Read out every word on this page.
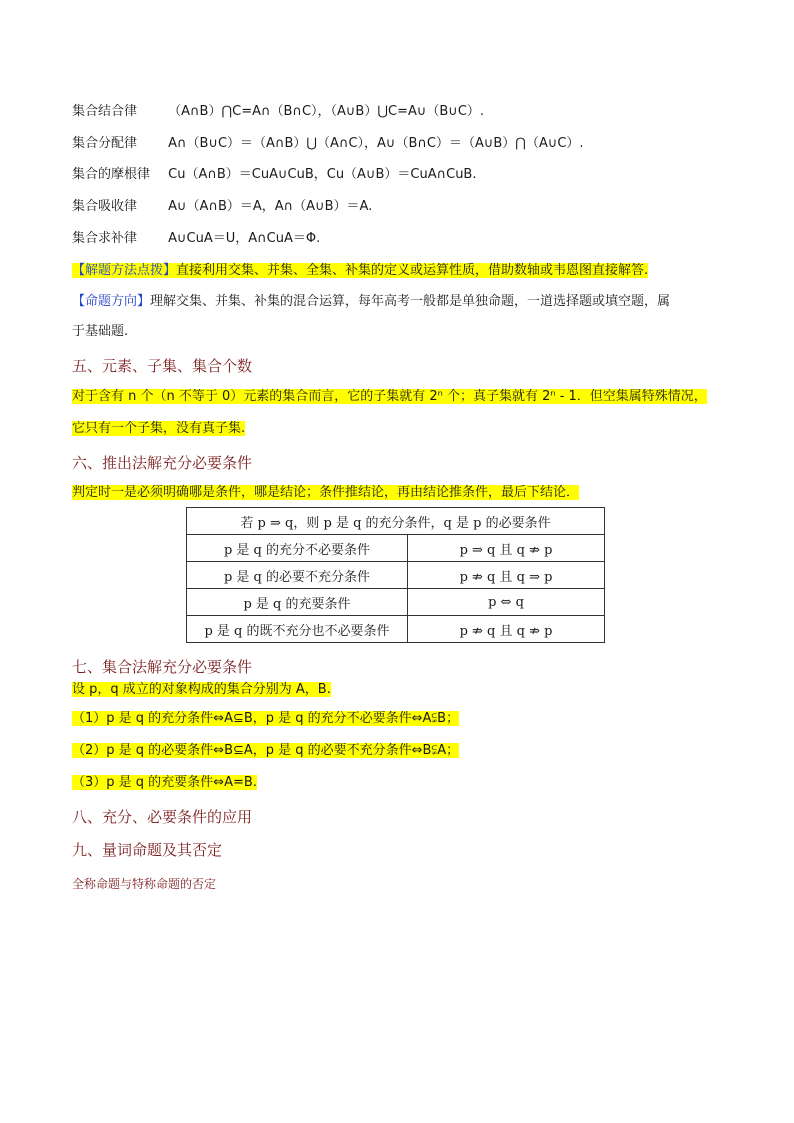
集合结合律 （A∩B）⋂C=A∩（B∩C），（A∪B）⋃C=A∪（B∪C）.
集合分配律 A∩（B∪C）＝（A∩B）⋃（A∩C），A∪（B∩C）＝（A∪B）⋂（A∪C）.
集合的摩根律 Cu（A∩B）＝CuA∪CuB，Cu（A∪B）＝CuA∩CuB.
集合吸收律 A∪（A∩B）＝A，A∩（A∪B）＝A.
集合求补律 A∪CuA＝U，A∩CuA＝Φ.
【解题方法点拨】直接利用交集、并集、全集、补集的定义或运算性质，借助数轴或韦恩图直接解答.
【命题方向】理解交集、并集、补集的混合运算，每年高考一般都是单独命题，一道选择题或填空题，属
于基础题.
五、元素、子集、集合个数
对于含有 n 个（n 不等于 0）元素的集合而言，它的子集就有 2ⁿ 个；真子集就有 2ⁿ - 1．但空集属特殊情况，
它只有一个子集，没有真子集.
六、推出法解充分必要条件
判定时一是必须明确哪是条件，哪是结论；条件推结论，再由结论推条件，最后下结论．
若 p ⇒ q，则 p 是 q 的充分条件，q 是 p 的必要条件	
p 是 q 的充分不必要条件	p ⇒ q 且 q ⇏ p
p 是 q 的必要不充分条件	p ⇏ q 且 q ⇒ p
p 是 q 的充要条件	p ⇔ q
p 是 q 的既不充分也不必要条件	p ⇏ q 且 q ⇏ p
七、集合法解充分必要条件
设 p，q 成立的对象构成的集合分别为 A，B.
（1）p 是 q 的充分条件⇔A⊆B，p 是 q 的充分不必要条件⇔A⫋B；
（2）p 是 q 的必要条件⇔B⊆A，p 是 q 的必要不充分条件⇔B⫋A；
（3）p 是 q 的充要条件⇔A=B.
八、充分、必要条件的应用
九、量词命题及其否定
全称命题与特称命题的否定
